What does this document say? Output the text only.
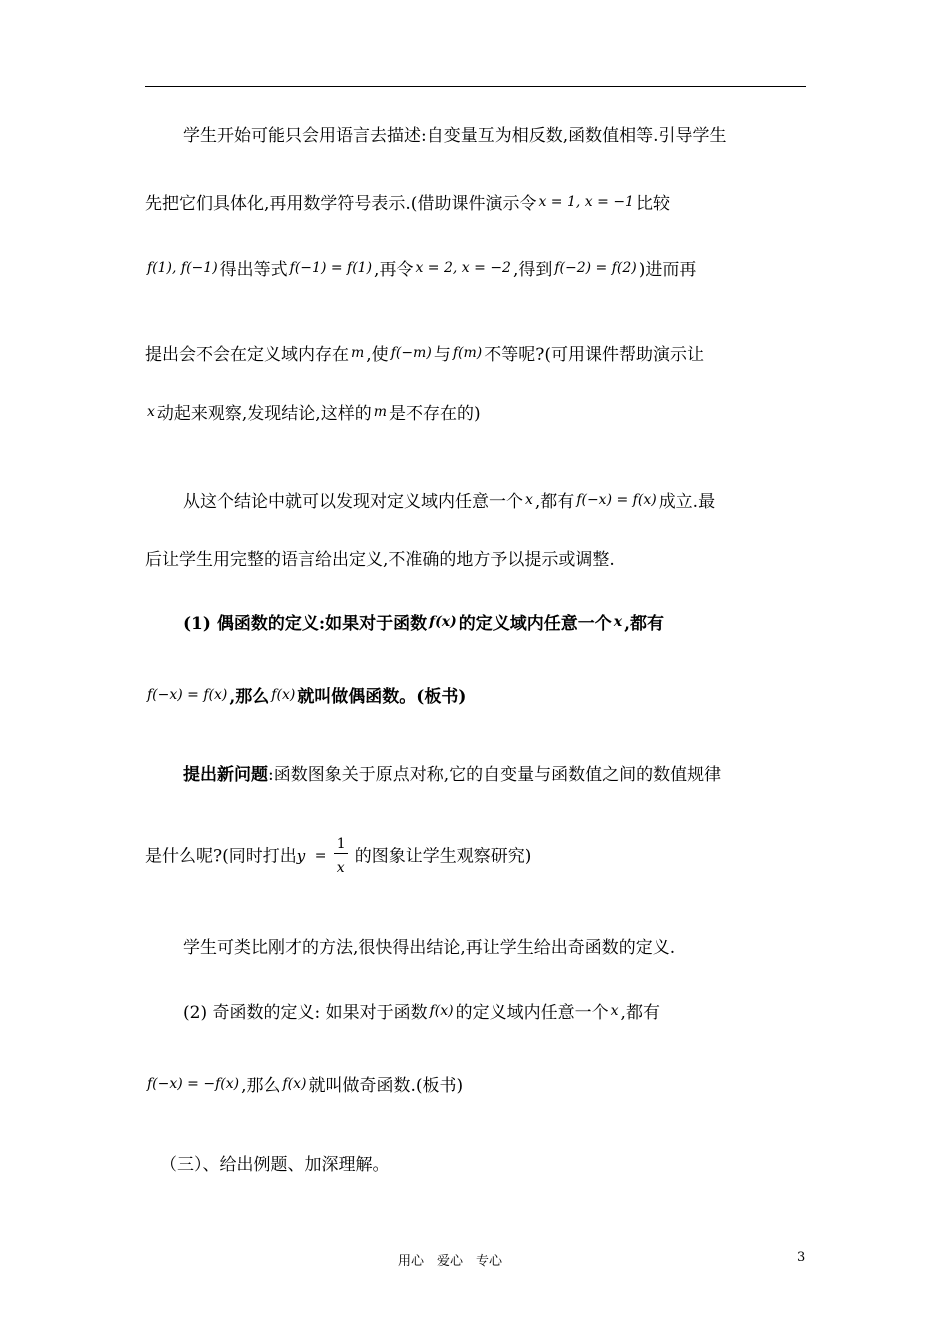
学生开始可能只会用语言去描述:自变量互为相反数,函数值相等.引导学生
先把它们具体化,再用数学符号表示.(借助课件演示令 x = 1, x = −1 比较
f(1), f(−1) 得出等式 f(−1) = f(1) ,再令 x = 2, x = −2 ,得到 f(−2) = f(2) )进而再
提出会不会在定义域内存在 m ,使 f(−m) 与 f(m) 不等呢?(可用课件帮助演示让
x 动起来观察,发现结论,这样的 m 是不存在的)
从这个结论中就可以发现对定义域内任意一个 x ,都有 f(−x) = f(x) 成立.最
后让学生用完整的语言给出定义,不准确的地方予以提示或调整.
(1) 偶函数的定义:如果对于函数 f(x) 的定义域内任意一个 x ,都有
f(−x) = f(x) ,那么 f(x) 就叫做偶函数。(板书)
提出新问题:函数图象关于原点对称,它的自变量与函数值之间的数值规律
是什么呢?(同时打出 y =
1
x
的图象让学生观察研究)
学生可类比刚才的方法,很快得出结论,再让学生给出奇函数的定义.
(2) 奇函数的定义: 如果对于函数 f(x) 的定义域内任意一个 x ,都有
f(−x) = −f(x) ,那么 f(x) 就叫做奇函数.(板书)
（三）、给出例题、加深理解。
用心　爱心　专心	3
